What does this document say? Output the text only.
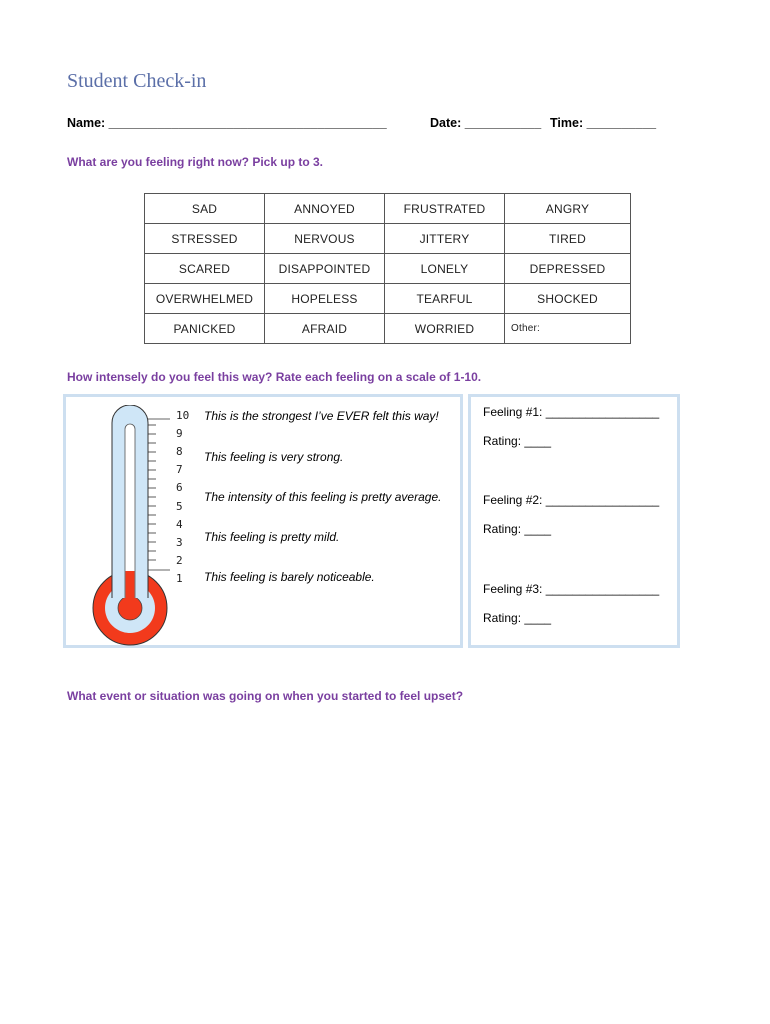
Student Check-in
Name: ________________________________________	Date: ___________ Time: __________
What are you feeling right now? Pick up to 3.
SAD	ANNOYED	FRUSTRATED	ANGRY
STRESSED	NERVOUS	JITTERY	TIRED
SCARED	DISAPPOINTED	LONELY	DEPRESSED
OVERWHELMED	HOPELESS	TEARFUL	SHOCKED
PANICKED	AFRAID	WORRIED	Other:
How intensely do you feel this way? Rate each feeling on a scale of 1-10.
10
9
8
7
6
5
4
3
2
1
This is the strongest I’ve EVER felt this way!
This feeling is very strong.
The intensity of this feeling is pretty average.
This feeling is pretty mild.
This feeling is barely noticeable.
Feeling #1: _________________
Rating: ____
Feeling #2: _________________
Rating: ____
Feeling #3: _________________
Rating: ____
What event or situation was going on when you started to feel upset?
